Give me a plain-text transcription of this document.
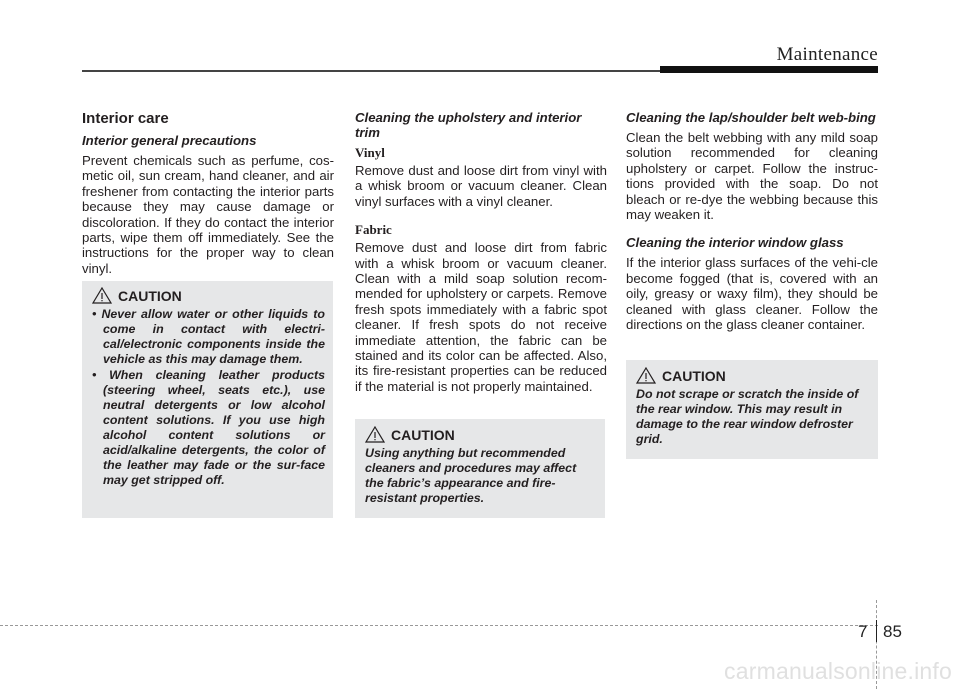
Maintenance
Interior care
Interior general precautions

Prevent chemicals such as perfume, cos-metic oil, sun cream, hand cleaner, and air freshener from contacting the interior parts because they may cause damage or discoloration. If they do contact the interior parts, wipe them off immediately. See the instructions for the proper way to clean vinyl.

CAUTION
• Never allow water or other liquids to come in contact with electri-cal/electronic components inside the vehicle as this may damage them.
• When cleaning leather products (steering wheel, seats etc.), use neutral detergents or low alcohol content solutions. If you use high alcohol content solutions or acid/alkaline detergents, the color of the leather may fade or the sur-face may get stripped off.
Cleaning the upholstery and interior trim
Vinyl

Remove dust and loose dirt from vinyl with a whisk broom or vacuum cleaner. Clean vinyl surfaces with a vinyl cleaner.

Fabric

Remove dust and loose dirt from fabric with a whisk broom or vacuum cleaner. Clean with a mild soap solution recom-mended for upholstery or carpets. Remove fresh spots immediately with a fabric spot cleaner. If fresh spots do not receive immediate attention, the fabric can be stained and its color can be affected. Also, its fire-resistant properties can be reduced if the material is not properly maintained.

CAUTION
Using anything but recommended cleaners and procedures may affect the fabric’s appearance and fire-resistant properties.
Cleaning the lap/shoulder belt web-bing

Clean the belt webbing with any mild soap solution recommended for cleaning upholstery or carpet. Follow the instruc-tions provided with the soap. Do not bleach or re-dye the webbing because this may weaken it.

Cleaning the interior window glass

If the interior glass surfaces of the vehi-cle become fogged (that is, covered with an oily, greasy or waxy film), they should be cleaned with glass cleaner. Follow the directions on the glass cleaner container.

CAUTION
Do not scrape or scratch the inside of the rear window. This may result in damage to the rear window defroster grid.
7 85
carmanualsonline.info
